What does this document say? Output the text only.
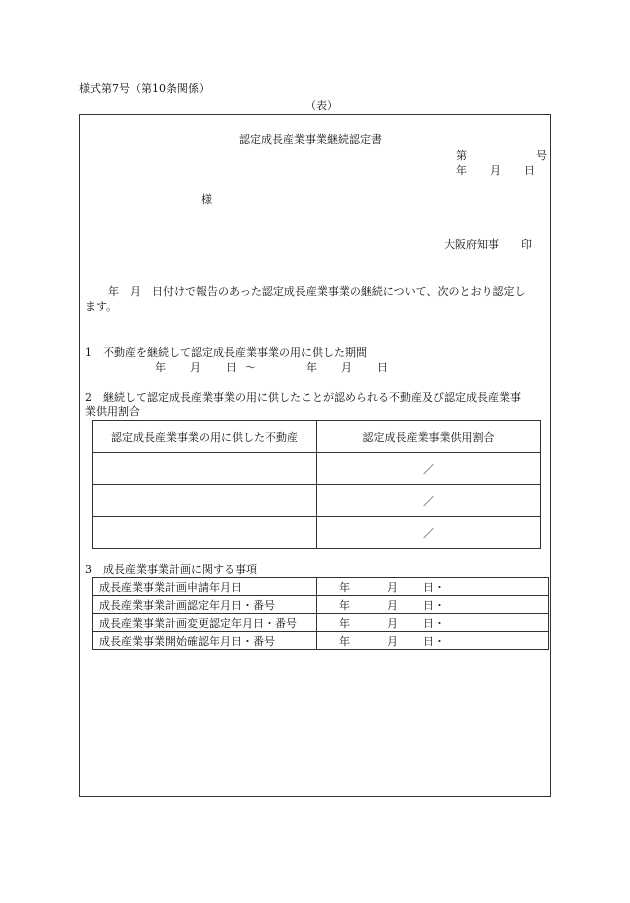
様式第7号（第10条関係）
（表）
認定成長産業事業継続認定書
第	号
年 月 日
様
大阪府知事 印
年　月　日付けで報告のあった認定成長産業事業の継続について、次のとおり認定し
ます。
1　不動産を継続して認定成長産業事業の用に供した期間
年 月 日 ～	年 月 日
2　継続して認定成長産業事業の用に供したことが認められる不動産及び認定成長産業事
業供用割合
認定成長産業事業の用に供した不動産	認定成長産業事業供用割合
	／
	／
	／
3　成長産業事業計画に関する事項
成長産業事業計画申請年月日	年 月 日・
成長産業事業計画認定年月日・番号	年 月 日・
成長産業事業計画変更認定年月日・番号	年 月 日・
成長産業事業開始確認年月日・番号	年 月 日・
